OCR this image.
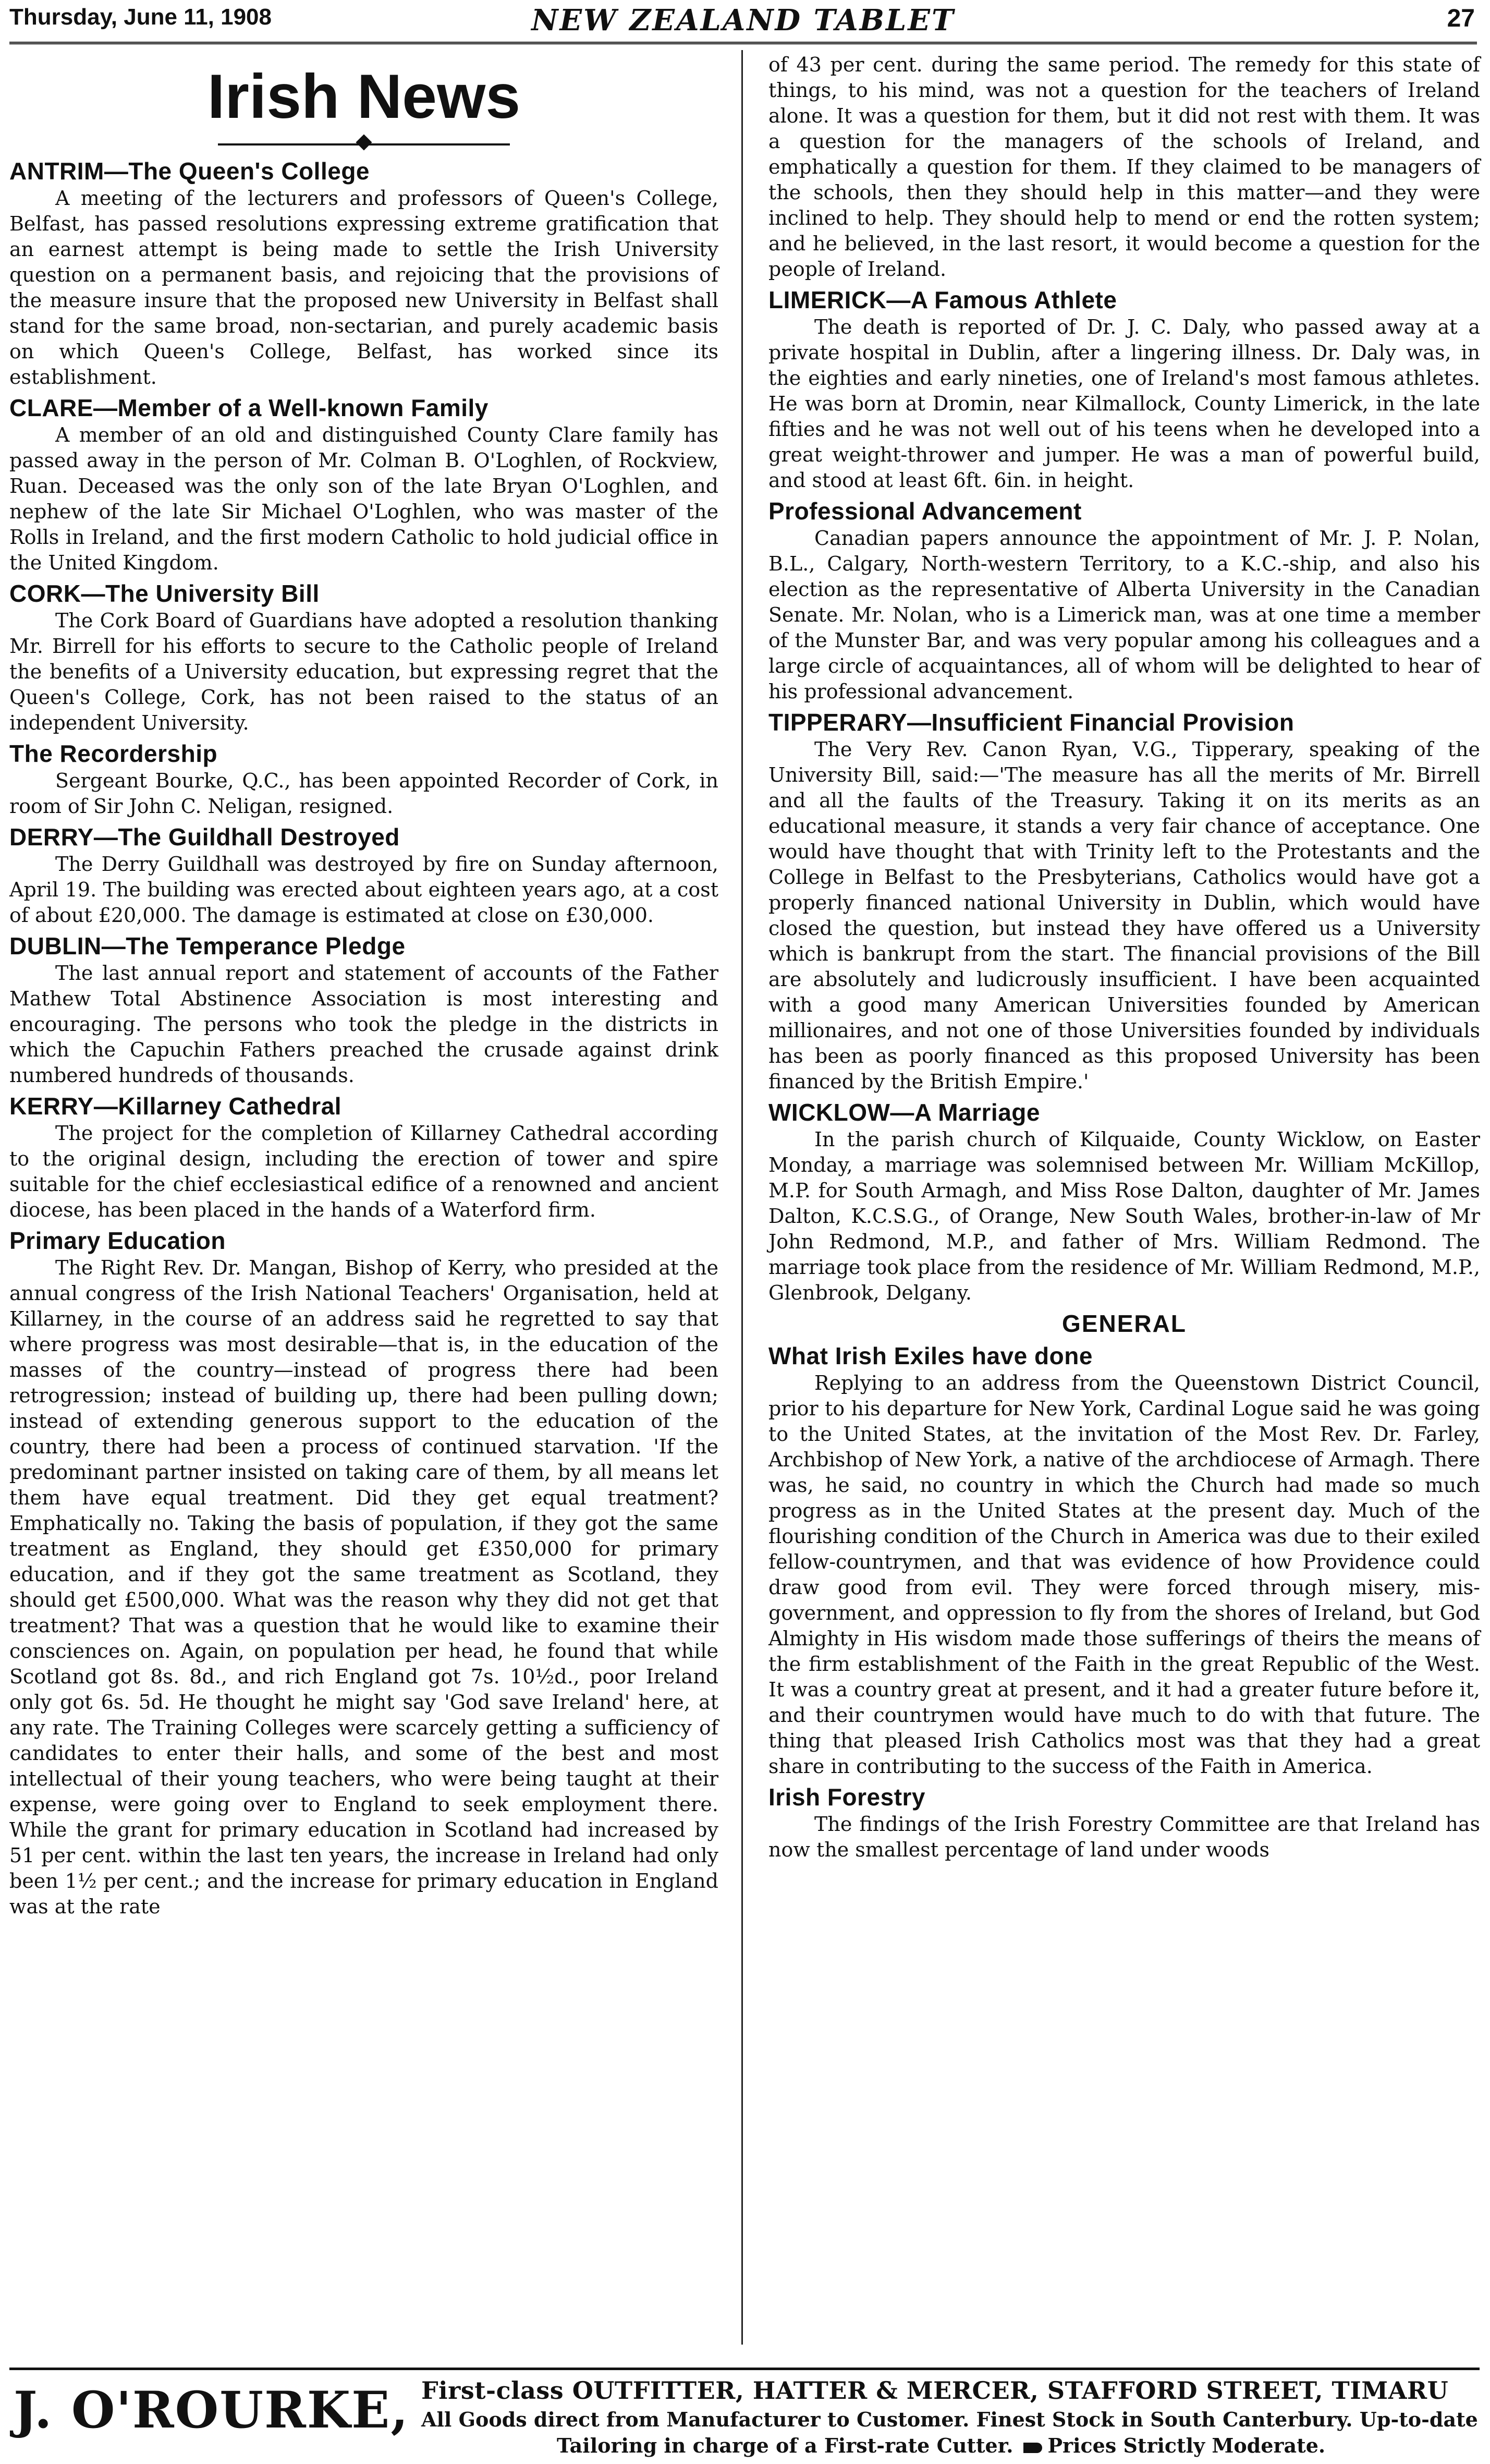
Thursday, June 11, 1908	NEW ZEALAND TABLET	27
Irish News
ANTRIM—The Queen's College

A meeting of the lecturers and professors of Queen's College, Belfast, has passed resolutions expressing extreme gratification that an earnest attempt is being made to settle the Irish University question on a permanent basis, and rejoicing that the provisions of the measure insure that the proposed new University in Belfast shall stand for the same broad, non-sectarian, and purely academic basis on which Queen's College, Belfast, has worked since its establishment.

CLARE—Member of a Well-known Family

A member of an old and distinguished County Clare family has passed away in the person of Mr. Colman B. O'Loghlen, of Rockview, Ruan. Deceased was the only son of the late Bryan O'Loghlen, and nephew of the late Sir Michael O'Loghlen, who was master of the Rolls in Ireland, and the first modern Catholic to hold judicial office in the United Kingdom.

CORK—The University Bill

The Cork Board of Guardians have adopted a resolution thanking Mr. Birrell for his efforts to secure to the Catholic people of Ireland the benefits of a University education, but expressing regret that the Queen's College, Cork, has not been raised to the status of an independent University.

The Recordership

Sergeant Bourke, Q.C., has been appointed Recorder of Cork, in room of Sir John C. Neligan, resigned.

DERRY—The Guildhall Destroyed

The Derry Guildhall was destroyed by fire on Sunday afternoon, April 19. The building was erected about eighteen years ago, at a cost of about £20,000. The damage is estimated at close on £30,000.

DUBLIN—The Temperance Pledge

The last annual report and statement of accounts of the Father Mathew Total Abstinence Association is most interesting and encouraging. The persons who took the pledge in the districts in which the Capuchin Fathers preached the crusade against drink numbered hundreds of thousands.

KERRY—Killarney Cathedral

The project for the completion of Killarney Cathedral according to the original design, including the erection of tower and spire suitable for the chief ecclesiastical edifice of a renowned and ancient diocese, has been placed in the hands of a Waterford firm.

Primary Education

The Right Rev. Dr. Mangan, Bishop of Kerry, who presided at the annual congress of the Irish National Teachers' Organisation, held at Killarney, in the course of an address said he regretted to say that where progress was most desirable—that is, in the education of the masses of the country—instead of progress there had been retrogression; instead of building up, there had been pulling down; instead of extending generous support to the education of the country, there had been a process of continued starvation. 'If the predominant partner insisted on taking care of them, by all means let them have equal treatment. Did they get equal treatment? Emphatically no. Taking the basis of population, if they got the same treatment as England, they should get £350,000 for primary education, and if they got the same treatment as Scotland, they should get £500,000. What was the reason why they did not get that treatment? That was a question that he would like to examine their consciences on. Again, on population per head, he found that while Scotland got 8s. 8d., and rich England got 7s. 10½d., poor Ireland only got 6s. 5d. He thought he might say 'God save Ireland' here, at any rate. The Training Colleges were scarcely getting a sufficiency of candidates to enter their halls, and some of the best and most intellectual of their young teachers, who were being taught at their expense, were going over to England to seek employment there. While the grant for primary education in Scotland had increased by 51 per cent. within the last ten years, the increase in Ireland had only been 1½ per cent.; and the increase for primary education in England was at the rate

of 43 per cent. during the same period. The remedy for this state of things, to his mind, was not a question for the teachers of Ireland alone. It was a question for them, but it did not rest with them. It was a question for the managers of the schools of Ireland, and emphatically a question for them. If they claimed to be managers of the schools, then they should help in this matter—and they were inclined to help. They should help to mend or end the rotten system; and he believed, in the last resort, it would become a question for the people of Ireland.

LIMERICK—A Famous Athlete

The death is reported of Dr. J. C. Daly, who passed away at a private hospital in Dublin, after a lingering illness. Dr. Daly was, in the eighties and early nineties, one of Ireland's most famous athletes. He was born at Dromin, near Kilmallock, County Limerick, in the late fifties and he was not well out of his teens when he developed into a great weight-thrower and jumper. He was a man of powerful build, and stood at least 6ft. 6in. in height.

Professional Advancement

Canadian papers announce the appointment of Mr. J. P. Nolan, B.L., Calgary, North-western Territory, to a K.C.-ship, and also his election as the representative of Alberta University in the Canadian Senate. Mr. Nolan, who is a Limerick man, was at one time a member of the Munster Bar, and was very popular among his colleagues and a large circle of acquaintances, all of whom will be delighted to hear of his professional advancement.

TIPPERARY—Insufficient Financial Provision

The Very Rev. Canon Ryan, V.G., Tipperary, speaking of the University Bill, said:—'The measure has all the merits of Mr. Birrell and all the faults of the Treasury. Taking it on its merits as an educational measure, it stands a very fair chance of acceptance. One would have thought that with Trinity left to the Protestants and the College in Belfast to the Presbyterians, Catholics would have got a properly financed national University in Dublin, which would have closed the question, but instead they have offered us a University which is bankrupt from the start. The financial provisions of the Bill are absolutely and ludicrously insufficient. I have been acquainted with a good many American Universities founded by American millionaires, and not one of those Universities founded by individuals has been as poorly financed as this proposed University has been financed by the British Empire.'

WICKLOW—A Marriage

In the parish church of Kilquaide, County Wicklow, on Easter Monday, a marriage was solemnised between Mr. William McKillop, M.P. for South Armagh, and Miss Rose Dalton, daughter of Mr. James Dalton, K.C.S.G., of Orange, New South Wales, brother-in-law of Mr John Redmond, M.P., and father of Mrs. William Redmond. The marriage took place from the residence of Mr. William Redmond, M.P., Glenbrook, Delgany.

GENERAL
What Irish Exiles have done

Replying to an address from the Queenstown District Council, prior to his departure for New York, Cardinal Logue said he was going to the United States, at the invitation of the Most Rev. Dr. Farley, Archbishop of New York, a native of the archdiocese of Armagh. There was, he said, no country in which the Church had made so much progress as in the United States at the present day. Much of the flourishing condition of the Church in America was due to their exiled fellow-countrymen, and that was evidence of how Providence could draw good from evil. They were forced through misery, mis-government, and oppression to fly from the shores of Ireland, but God Almighty in His wisdom made those sufferings of theirs the means of the firm establishment of the Faith in the great Republic of the West. It was a country great at present, and it had a greater future before it, and their countrymen would have much to do with that future. The thing that pleased Irish Catholics most was that they had a great share in contributing to the success of the Faith in America.

Irish Forestry

The findings of the Irish Forestry Committee are that Ireland has now the smallest percentage of land under woods

J. O'ROURKE, First-class OUTFITTER, HATTER & MERCER, STAFFORD STREET, TIMARU
All Goods direct from Manufacturer to Customer. Finest Stock in South Canterbury. Up-to-date
Tailoring in charge of a First-rate Cutter. Prices Strictly Moderate.
